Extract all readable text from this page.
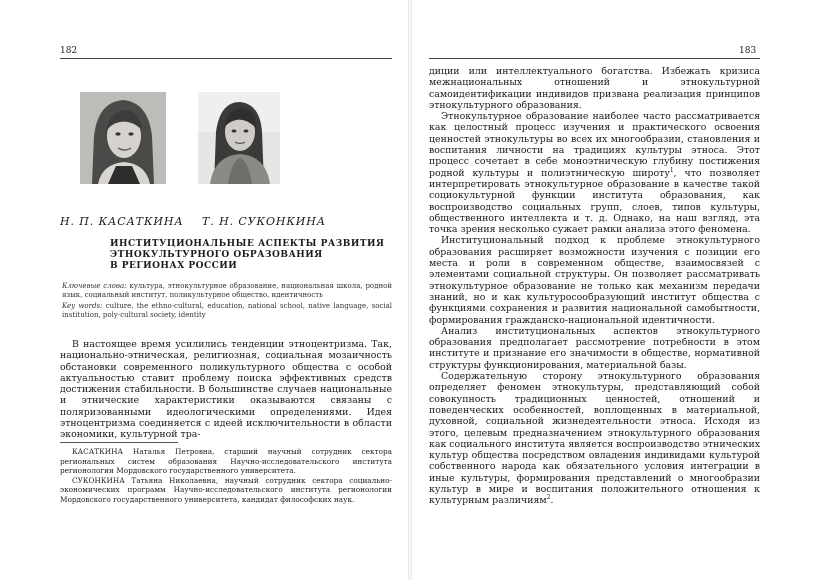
182	183
Н. П. КАСАТКИНА Т. Н. СУКОНКИНА
ИНСТИТУЦИОНАЛЬНЫЕ АСПЕКТЫ РАЗВИТИЯ
ЭТНОКУЛЬТУРНОГО ОБРАЗОВАНИЯ
В РЕГИОНАХ РОССИИ
Ключевые слова: культура, этнокультурное образование, национальная школа, родной язык, социальный институт, поликультурное общество, идентичность
Key words: culture, the ethno-cultural, education, national school, native language, social institution, poly-cultural society, identity

В настоящее время усилились тенденции этноцентризма. Так, национально-этническая, религиозная, социальная мозаичность обстановки современного поликультурного общества с особой актуальностью ставит проблему поиска эффективных средств достижения стабильности. В большинстве случаев национальные и этнические характеристики оказываются связаны с поляризованными идеологическими определениями. Идея этноцентризма соединяется с идеей исключительности в области экономики, культурной тра-

КАСАТКИНА Наталья Петровна, старший научный сотрудник сектора региональных систем образования Научно-исследовательского института регионологии Мордовского государственного университета.

СУКОНКИНА Татьяна Николаевна, научный сотрудник сектора социально-экономических программ Научно-исследовательского института регионологии Мордовского государственного университета, кандидат философских наук.

диции или интеллектуального богатства. Избежать кризиса межнациональных отношений и этнокультурной самоидентификации индивидов призвана реализация принципов этнокультурного образования.

Этнокультурное образование наиболее часто рассматривается как целостный процесс изучения и практического освоения ценностей этнокультуры во всех их многообразии, становления и воспитания личности на традициях культуры этноса. Этот процесс сочетает в себе моноэтническую глубину постижения родной культуры и полиэтническую широту$^1$, что позволяет интерпретировать этнокультурное образование в качестве такой социокультурной функции института образования, как воспроизводство социальных групп, слоев, типов культуры, общественного интеллекта и т. д. Однако, на наш взгляд, эта точка зрения несколько сужает рамки анализа этого феномена.

Институциональный подход к проблеме этнокультурного образования расширяет возможности изучения с позиции его места и роли в современном обществе, взаимосвязей с элементами социальной структуры. Он позволяет рассматривать этнокультурное образование не только как механизм передачи знаний, но и как культуросообразующий институт общества с функциями сохранения и развития национальной самобытности, формирования гражданско-национальной идентичности.

Анализ институциональных аспектов этнокультурного образования предполагает рассмотрение потребности в этом институте и признание его значимости в обществе, нормативной структуры функционирования, материальной базы.

Содержательную сторону этнокультурного образования определяет феномен этнокультуры, представляющий собой совокупность традиционных ценностей, отношений и поведенческих особенностей, воплощенных в материальной, духовной, социальной жизнедеятельности этноса. Исходя из этого, целевым предназначением этнокультурного образования как социального института является воспроизводство этнических культур общества посредством овладения индивидами культурой собственного народа как обязательного условия интеграции в иные культуры, формирования представлений о многообразии культур в мире и воспитания положительного отношения к культурным различиям$^2$.
